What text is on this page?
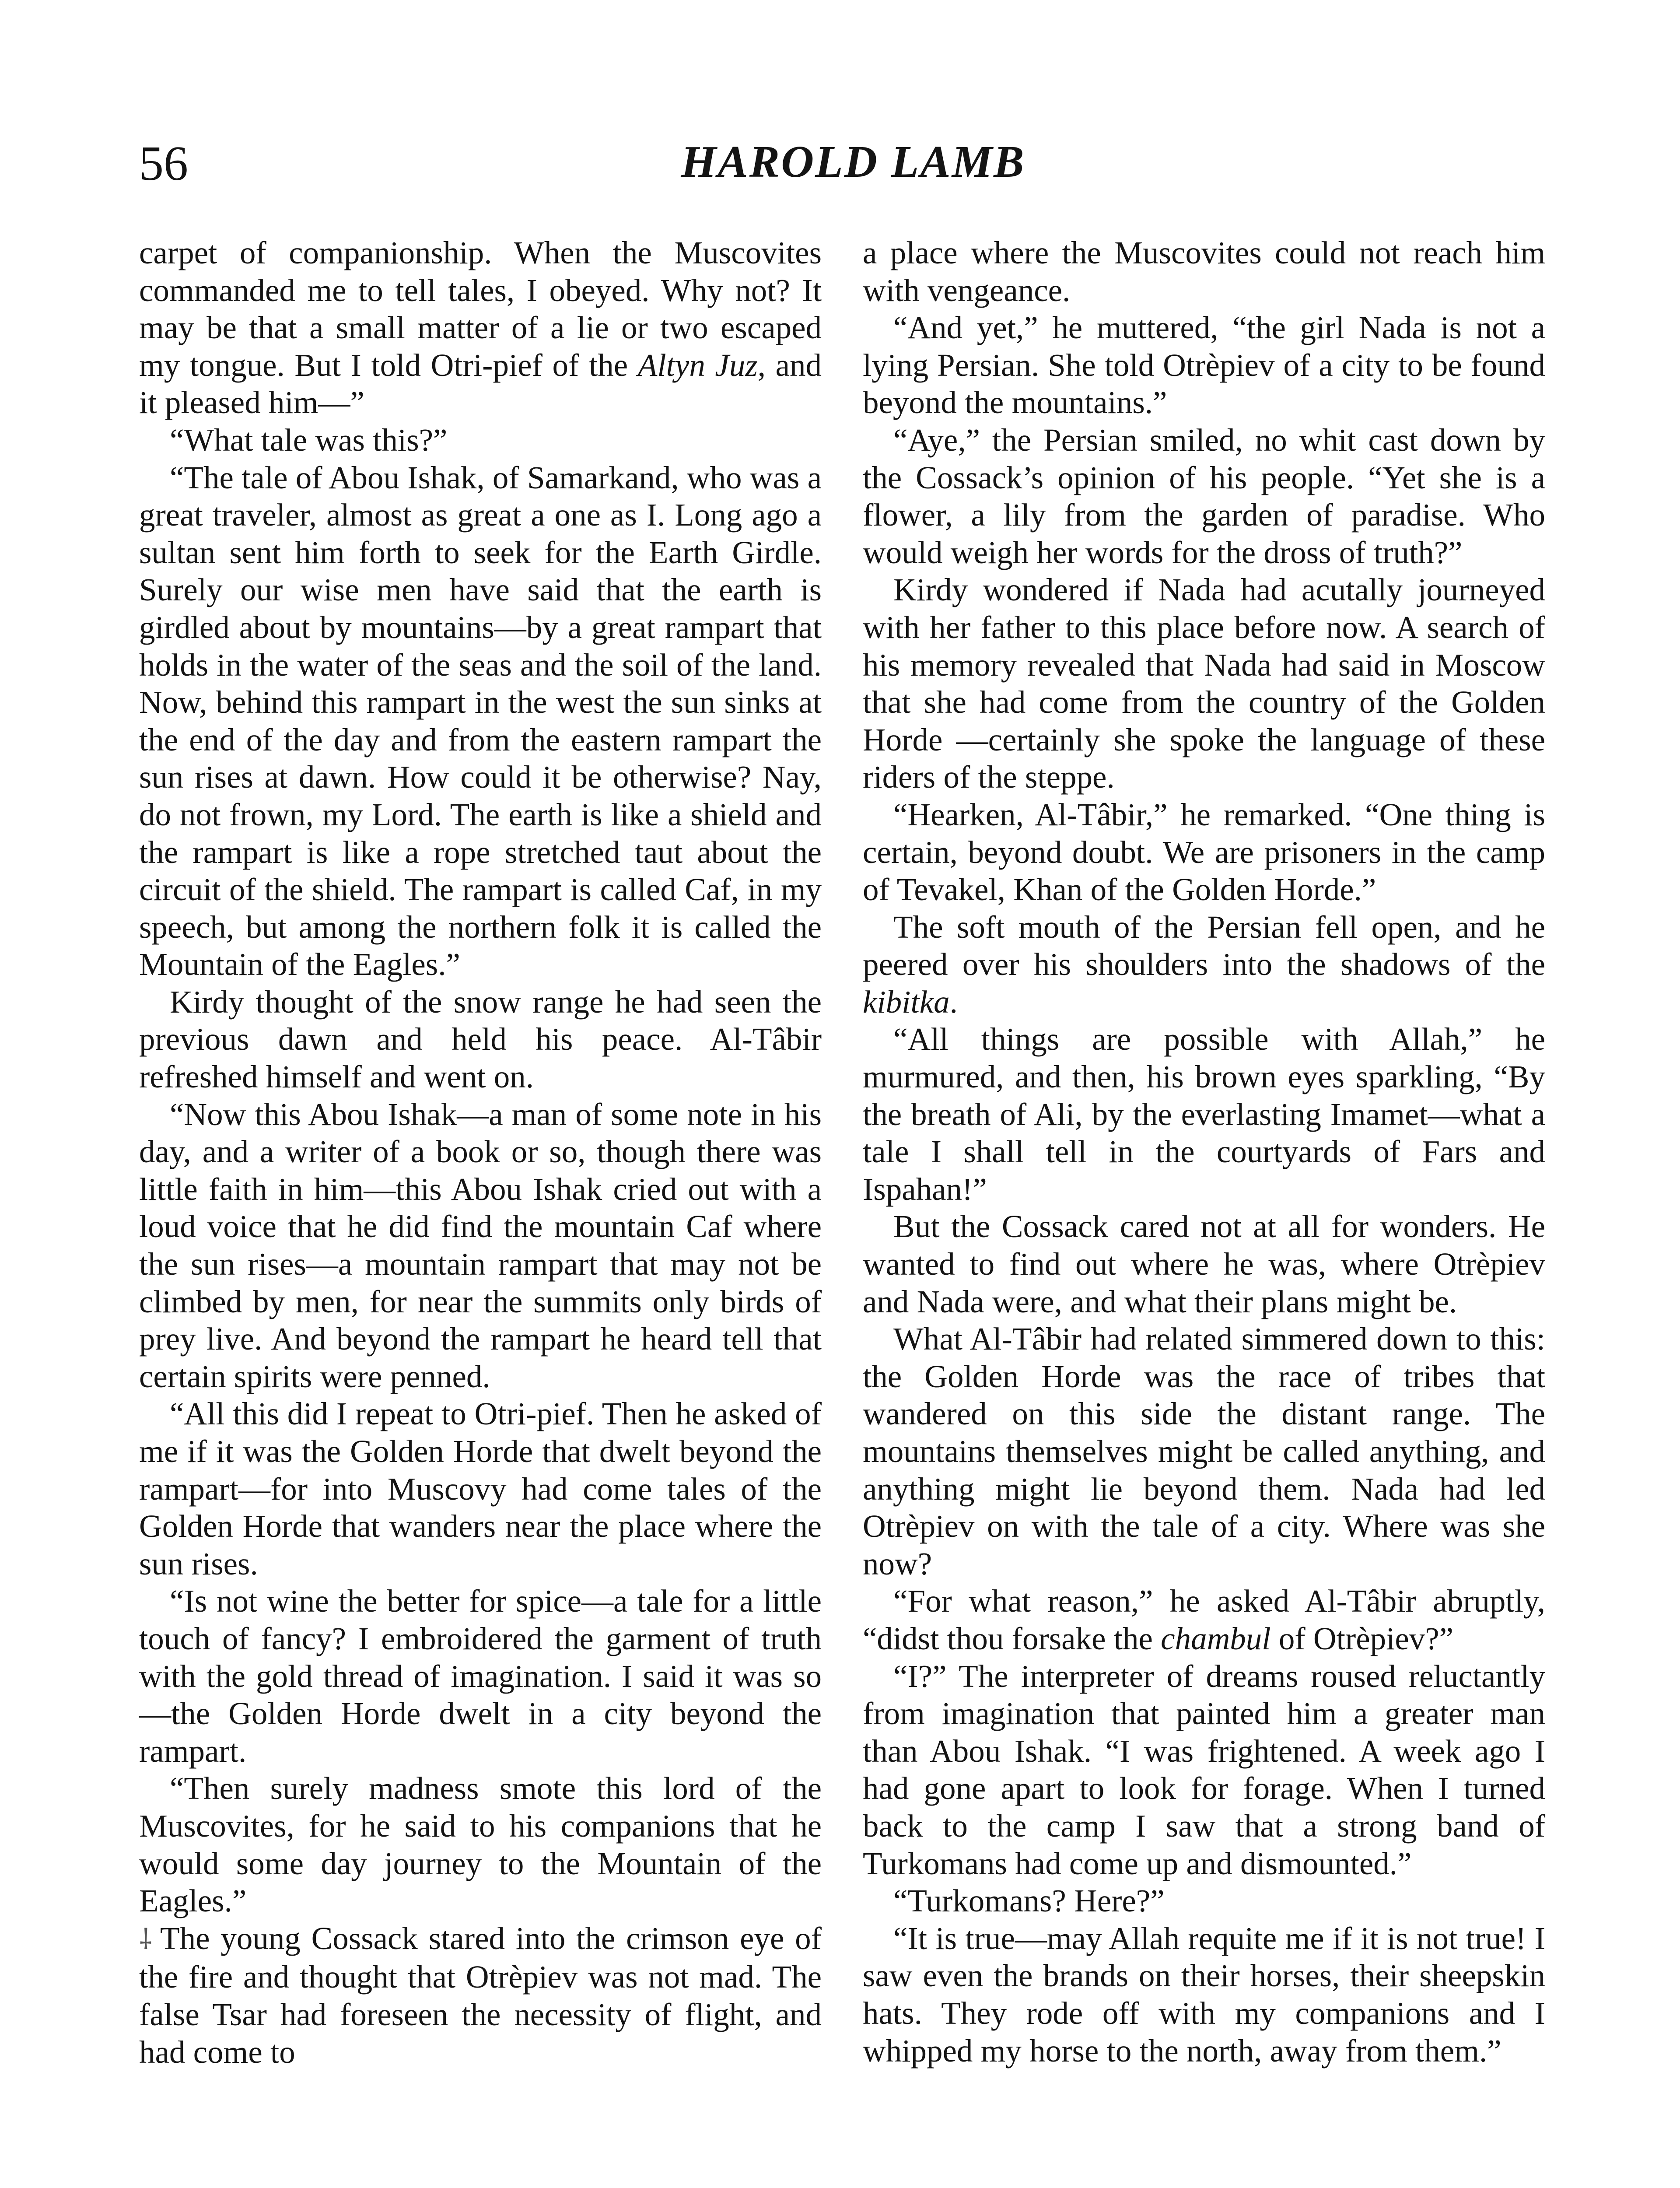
56	HAROLD LAMB

carpet of companionship. When the Muscovites commanded me to tell tales, I obeyed. Why not? It may be that a small matter of a lie or two escaped my tongue. But I told Otri-pief of the Altyn Juz, and it pleased him—”

“What tale was this?”

“The tale of Abou Ishak, of Samarkand, who was a great traveler, almost as great a one as I. Long ago a sultan sent him forth to seek for the Earth Girdle. Surely our wise men have said that the earth is girdled about by mountains—by a great rampart that holds in the water of the seas and the soil of the land. Now, behind this rampart in the west the sun sinks at the end of the day and from the eastern rampart the sun rises at dawn. How could it be otherwise? Nay, do not frown, my Lord. The earth is like a shield and the rampart is like a rope stretched taut about the circuit of the shield. The rampart is called Caf, in my speech, but among the northern folk it is called the Mountain of the Eagles.”

Kirdy thought of the snow range he had seen the previous dawn and held his peace. Al-Tâbir refreshed himself and went on.

“Now this Abou Ishak—a man of some note in his day, and a writer of a book or so, though there was little faith in him—this Abou Ishak cried out with a loud voice that he did find the mountain Caf where the sun rises—a mountain rampart that may not be climbed by men, for near the summits only birds of prey live. And beyond the rampart he heard tell that certain spirits were penned.

“All this did I repeat to Otri-pief. Then he asked of me if it was the Golden Horde that dwelt beyond the rampart—for into Muscovy had come tales of the Golden Horde that wanders near the place where the sun rises.

“Is not wine the better for spice—a tale for a little touch of fancy? I embroidered the garment of truth with the gold thread of imagination. I said it was so—the Golden Horde dwelt in a city beyond the rampart.

“Then surely madness smote this lord of the Muscovites, for he said to his companions that he would some day journey to the Mountain of the Eagles.”

⸸ The young Cossack stared into the crimson eye of the fire and thought that Otrèpiev was not mad. The false Tsar had foreseen the necessity of flight, and had come to

a place where the Muscovites could not reach him with vengeance.

“And yet,” he muttered, “the girl Nada is not a lying Persian. She told Otrèpiev of a city to be found beyond the mountains.”

“Aye,” the Persian smiled, no whit cast down by the Cossack’s opinion of his people. “Yet she is a flower, a lily from the garden of paradise. Who would weigh her words for the dross of truth?”

Kirdy wondered if Nada had acutally journeyed with her father to this place before now. A search of his memory revealed that Nada had said in Moscow that she had come from the country of the Golden Horde —certainly she spoke the language of these riders of the steppe.

“Hearken, Al-Tâbir,” he remarked. “One thing is certain, beyond doubt. We are prisoners in the camp of Tevakel, Khan of the Golden Horde.”

The soft mouth of the Persian fell open, and he peered over his shoulders into the shadows of the kibitka.

“All things are possible with Allah,” he murmured, and then, his brown eyes sparkling, “By the breath of Ali, by the everlasting Imamet—what a tale I shall tell in the courtyards of Fars and Ispahan!”

But the Cossack cared not at all for wonders. He wanted to find out where he was, where Otrèpiev and Nada were, and what their plans might be.

What Al-Tâbir had related simmered down to this: the Golden Horde was the race of tribes that wandered on this side the distant range. The mountains themselves might be called anything, and anything might lie beyond them. Nada had led Otrèpiev on with the tale of a city. Where was she now?

“For what reason,” he asked Al-Tâbir abruptly, “didst thou forsake the chambul of Otrèpiev?”

“I?” The interpreter of dreams roused reluctantly from imagination that painted him a greater man than Abou Ishak. “I was frightened. A week ago I had gone apart to look for forage. When I turned back to the camp I saw that a strong band of Turkomans had come up and dismounted.”

“Turkomans? Here?”

“It is true—may Allah requite me if it is not true! I saw even the brands on their horses, their sheepskin hats. They rode off with my companions and I whipped my horse to the north, away from them.”
